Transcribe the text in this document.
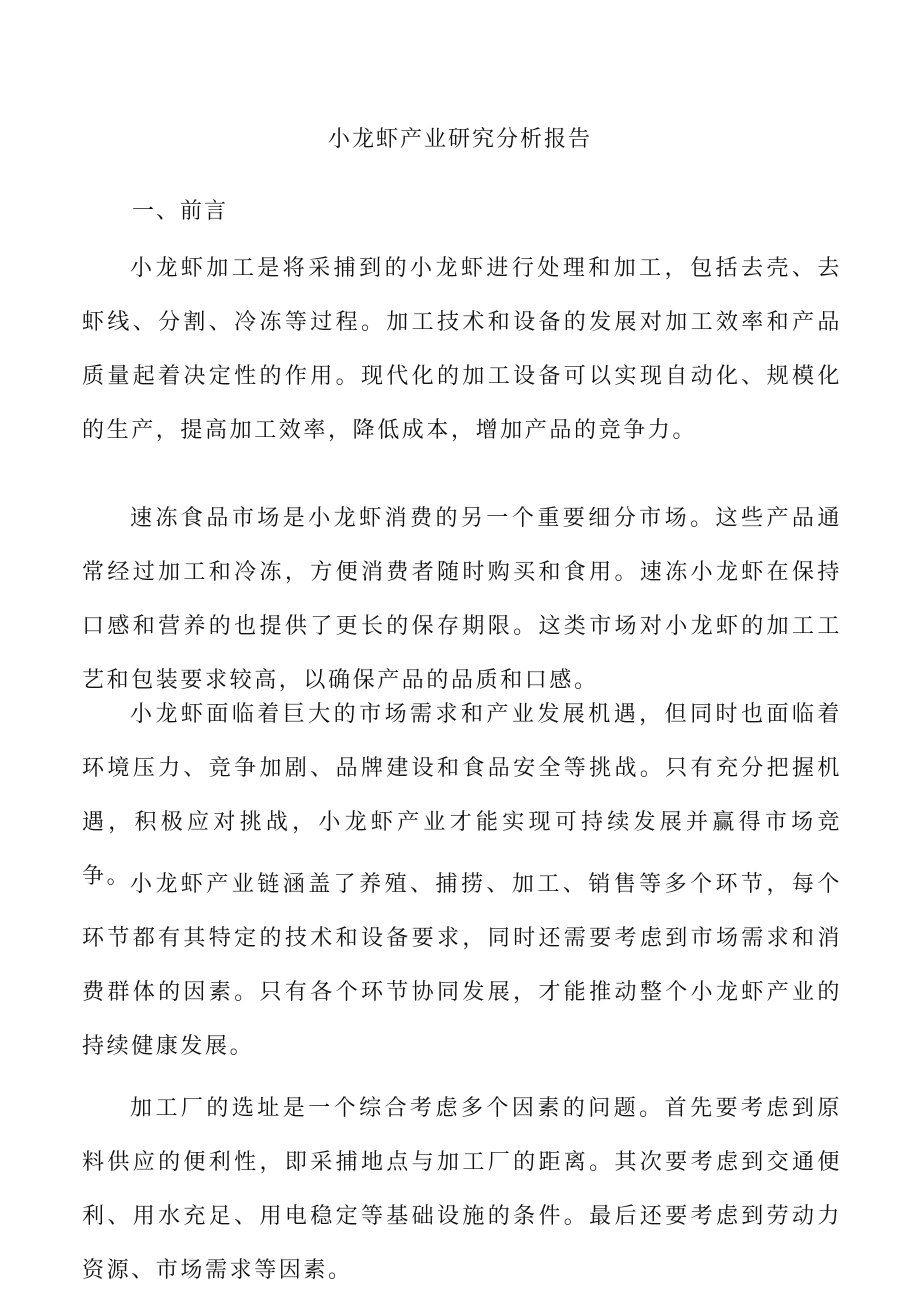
小龙虾产业研究分析报告
一、前言

小龙虾加工是将采捕到的小龙虾进行处理和加工，包括去壳、去虾线、分割、冷冻等过程。加工技术和设备的发展对加工效率和产品质量起着决定性的作用。现代化的加工设备可以实现自动化、规模化的生产，提高加工效率，降低成本，增加产品的竞争力。

速冻食品市场是小龙虾消费的另一个重要细分市场。这些产品通常经过加工和冷冻，方便消费者随时购买和食用。速冻小龙虾在保持口感和营养的也提供了更长的保存期限。这类市场对小龙虾的加工工艺和包装要求较高，以确保产品的品质和口感。

小龙虾面临着巨大的市场需求和产业发展机遇，但同时也面临着环境压力、竞争加剧、品牌建设和食品安全等挑战。只有充分把握机遇，积极应对挑战，小龙虾产业才能实现可持续发展并赢得市场竞争。

小龙虾产业链涵盖了养殖、捕捞、加工、销售等多个环节，每个环节都有其特定的技术和设备要求，同时还需要考虑到市场需求和消费群体的因素。只有各个环节协同发展，才能推动整个小龙虾产业的持续健康发展。

加工厂的选址是一个综合考虑多个因素的问题。首先要考虑到原料供应的便利性，即采捕地点与加工厂的距离。其次要考虑到交通便利、用水充足、用电稳定等基础设施的条件。最后还要考虑到劳动力资源、市场需求等因素。
